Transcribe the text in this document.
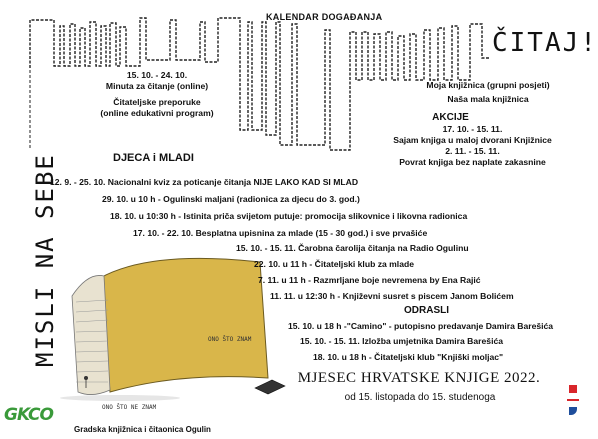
KALENDAR DOGAĐANJA
ČITAJ!
MISLI NA SEBE
15. 10. - 24. 10.
Minuta za čitanje (online)
Čitateljske preporuke
(online edukativni program)
Moja knjižnica (grupni posjeti)
Naša mala knjižnica
AKCIJE
17. 10. - 15. 11.
Sajam knjiga u maloj dvorani Knjižnice
2. 11. - 15. 11.
Povrat knjiga bez naplate zakasnine
DJECA i MLADI
12. 9. - 25. 10. Nacionalni kviz za poticanje čitanja NIJE LAKO KAD SI MLAD
29. 10. u 10 h - Ogulinski maljani (radionica za djecu do 3. god.)
18. 10. u 10:30 h - Istinita priča svijetom putuje: promocija slikovnice i likovna radionica
17. 10. - 22. 10. Besplatna upisnina za mlade (15 - 30 god.) i sve prvašiće
15. 10. - 15. 11. Čarobna čarolija čitanja na Radio Ogulinu
22. 10. u 11 h - Čitateljski klub za mlade
7. 11. u 11 h - Razmrljane boje nevremena by Ena Rajić
11. 11. u 12:30 h - Književni susret s piscem Janom Bolićem
ODRASLI
15. 10. u 18 h -"Camino" - putopisno predavanje Damira Barešića
15. 10. - 15. 11. Izložba umjetnika Damira Barešića
18. 10. u 18 h - Čitateljski klub "Knjiški moljac"
ONO ŠTO ZNAM
ONO ŠTO NE ZNAM
MJESEC HRVATSKE KNJIGE 2022.
od 15. listopada do 15. studenoga
GKCO
Gradska knjižnica i čitaonica Ogulin
